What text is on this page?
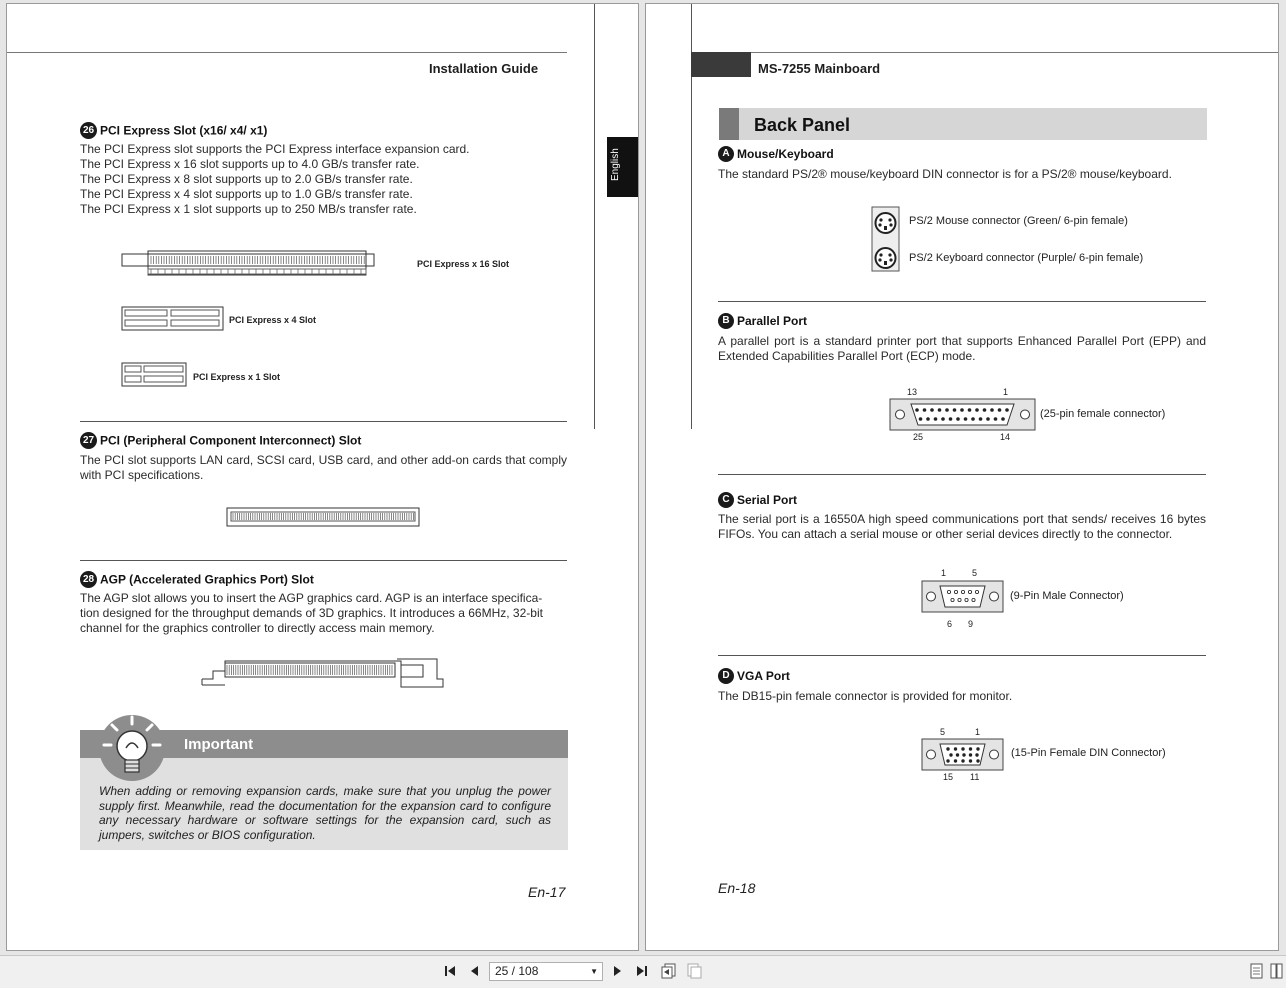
Installation Guide
English
26 PCI Express Slot (x16/ x4/ x1)
The PCI Express slot supports the PCI Express interface expansion card.
The PCI Express x 16 slot supports up to 4.0 GB/s transfer rate.
The PCI Express x 8 slot supports up to 2.0 GB/s transfer rate.
The PCI Express x 4 slot supports up to 1.0 GB/s transfer rate.
The PCI Express x 1 slot supports up to 250 MB/s transfer rate.
PCI Express x 16 Slot
PCI Express x 4 Slot
PCI Express x 1 Slot
27 PCI (Peripheral Component Interconnect) Slot
The PCI slot supports LAN card, SCSI card, USB card, and other add-on cards that comply with PCI specifications.
28 AGP (Accelerated Graphics Port) Slot
The AGP slot allows you to insert the AGP graphics card. AGP is an interface specifica-
tion designed for the throughput demands of 3D graphics. It introduces a 66MHz, 32-bit
channel for the graphics controller to directly access main memory.
Important
When adding or removing expansion cards, make sure that you unplug the power supply first. Meanwhile, read the documentation for the expansion card to configure any necessary hardware or software settings for the expansion card, such as jumpers, switches or BIOS configuration.
En-17
MS-7255 Mainboard
Back Panel
A Mouse/Keyboard
The standard PS/2® mouse/keyboard DIN connector is for a PS/2® mouse/keyboard.
PS/2 Mouse connector (Green/ 6-pin female)
PS/2 Keyboard connector (Purple/ 6-pin female)
B Parallel Port
A parallel port is a standard printer port that supports Enhanced Parallel Port (EPP) and Extended Capabilities Parallel Port (ECP) mode.
13	1
25	14
(25-pin female connector)
C Serial Port
The serial port is a 16550A high speed communications port that sends/ receives 16 bytes FIFOs. You can attach a serial mouse or other serial devices directly to the connector.
1	5
6 9
(9-Pin Male Connector)
D VGA Port
The DB15-pin female connector is provided for monitor.
5	1
15 11
(15-Pin Female DIN Connector)
En-18
25 / 108	▼
